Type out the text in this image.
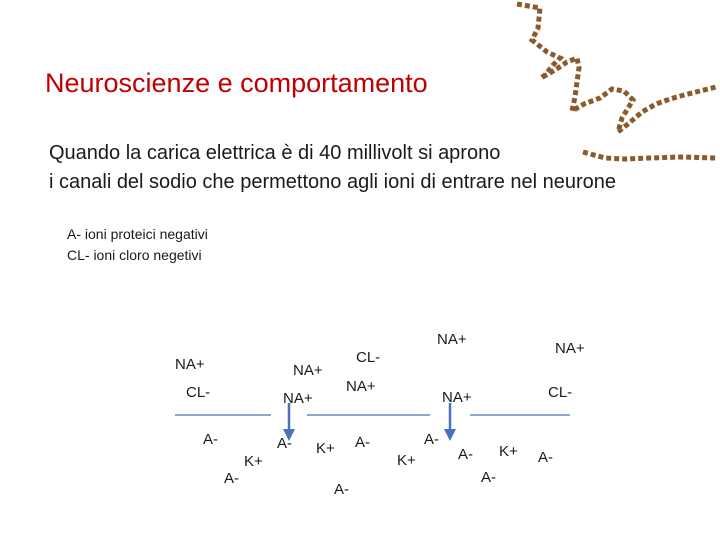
Neuroscienze e comportamento
Quando la carica elettrica è di 40 millivolt si aprono
i canali del sodio che permettono agli ioni di entrare nel neurone
A- ioni proteici negativi
CL- ioni cloro negetivi
NA+
CL-
A-
K+
A-
NA+
NA+
A-
CL-
NA+
K+ A-
A-
NA+
NA+
A-
K+
NA+
CL-
A- K+ A-
A-
